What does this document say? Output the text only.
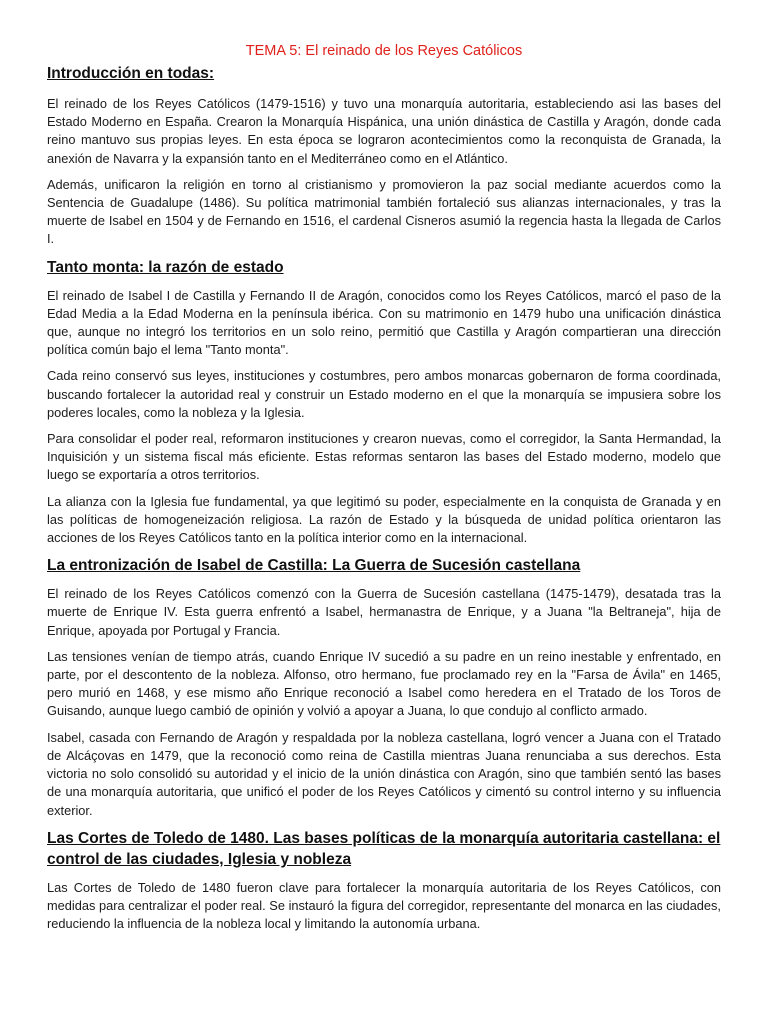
TEMA 5: El reinado de los Reyes Católicos
Introducción en todas:

El reinado de los Reyes Católicos (1479-1516) y tuvo una monarquía autoritaria, estableciendo asi las bases del Estado Moderno en España. Crearon la Monarquía Hispánica, una unión dinástica de Castilla y Aragón, donde cada reino mantuvo sus propias leyes. En esta época se lograron acontecimientos como la reconquista de Granada, la anexión de Navarra y la expansión tanto en el Mediterráneo como en el Atlántico.

Además, unificaron la religión en torno al cristianismo y promovieron la paz social mediante acuerdos como la Sentencia de Guadalupe (1486). Su política matrimonial también fortaleció sus alianzas internacionales, y tras la muerte de Isabel en 1504 y de Fernando en 1516, el cardenal Cisneros asumió la regencia hasta la llegada de Carlos I.

Tanto monta: la razón de estado

El reinado de Isabel I de Castilla y Fernando II de Aragón, conocidos como los Reyes Católicos, marcó el paso de la Edad Media a la Edad Moderna en la península ibérica. Con su matrimonio en 1479 hubo una unificación dinástica que, aunque no integró los territorios en un solo reino, permitió que Castilla y Aragón compartieran una dirección política común bajo el lema "Tanto monta".

Cada reino conservó sus leyes, instituciones y costumbres, pero ambos monarcas gobernaron de forma coordinada, buscando fortalecer la autoridad real y construir un Estado moderno en el que la monarquía se impusiera sobre los poderes locales, como la nobleza y la Iglesia.

Para consolidar el poder real, reformaron instituciones y crearon nuevas, como el corregidor, la Santa Hermandad, la Inquisición y un sistema fiscal más eficiente. Estas reformas sentaron las bases del Estado moderno, modelo que luego se exportaría a otros territorios.

La alianza con la Iglesia fue fundamental, ya que legitimó su poder, especialmente en la conquista de Granada y en las políticas de homogeneización religiosa. La razón de Estado y la búsqueda de unidad política orientaron las acciones de los Reyes Católicos tanto en la política interior como en la internacional.

La entronización de Isabel de Castilla: La Guerra de Sucesión castellana

El reinado de los Reyes Católicos comenzó con la Guerra de Sucesión castellana (1475-1479), desatada tras la muerte de Enrique IV. Esta guerra enfrentó a Isabel, hermanastra de Enrique, y a Juana "la Beltraneja", hija de Enrique, apoyada por Portugal y Francia.

Las tensiones venían de tiempo atrás, cuando Enrique IV sucedió a su padre en un reino inestable y enfrentado, en parte, por el descontento de la nobleza. Alfonso, otro hermano, fue proclamado rey en la "Farsa de Ávila" en 1465, pero murió en 1468, y ese mismo año Enrique reconoció a Isabel como heredera en el Tratado de los Toros de Guisando, aunque luego cambió de opinión y volvió a apoyar a Juana, lo que condujo al conflicto armado.

Isabel, casada con Fernando de Aragón y respaldada por la nobleza castellana, logró vencer a Juana con el Tratado de Alcáçovas en 1479, que la reconoció como reina de Castilla mientras Juana renunciaba a sus derechos. Esta victoria no solo consolidó su autoridad y el inicio de la unión dinástica con Aragón, sino que también sentó las bases de una monarquía autoritaria, que unificó el poder de los Reyes Católicos y cimentó su control interno y su influencia exterior.

Las Cortes de Toledo de 1480. Las bases políticas de la monarquía autoritaria castellana: el control de las ciudades, Iglesia y nobleza

Las Cortes de Toledo de 1480 fueron clave para fortalecer la monarquía autoritaria de los Reyes Católicos, con medidas para centralizar el poder real. Se instauró la figura del corregidor, representante del monarca en las ciudades, reduciendo la influencia de la nobleza local y limitando la autonomía urbana.
